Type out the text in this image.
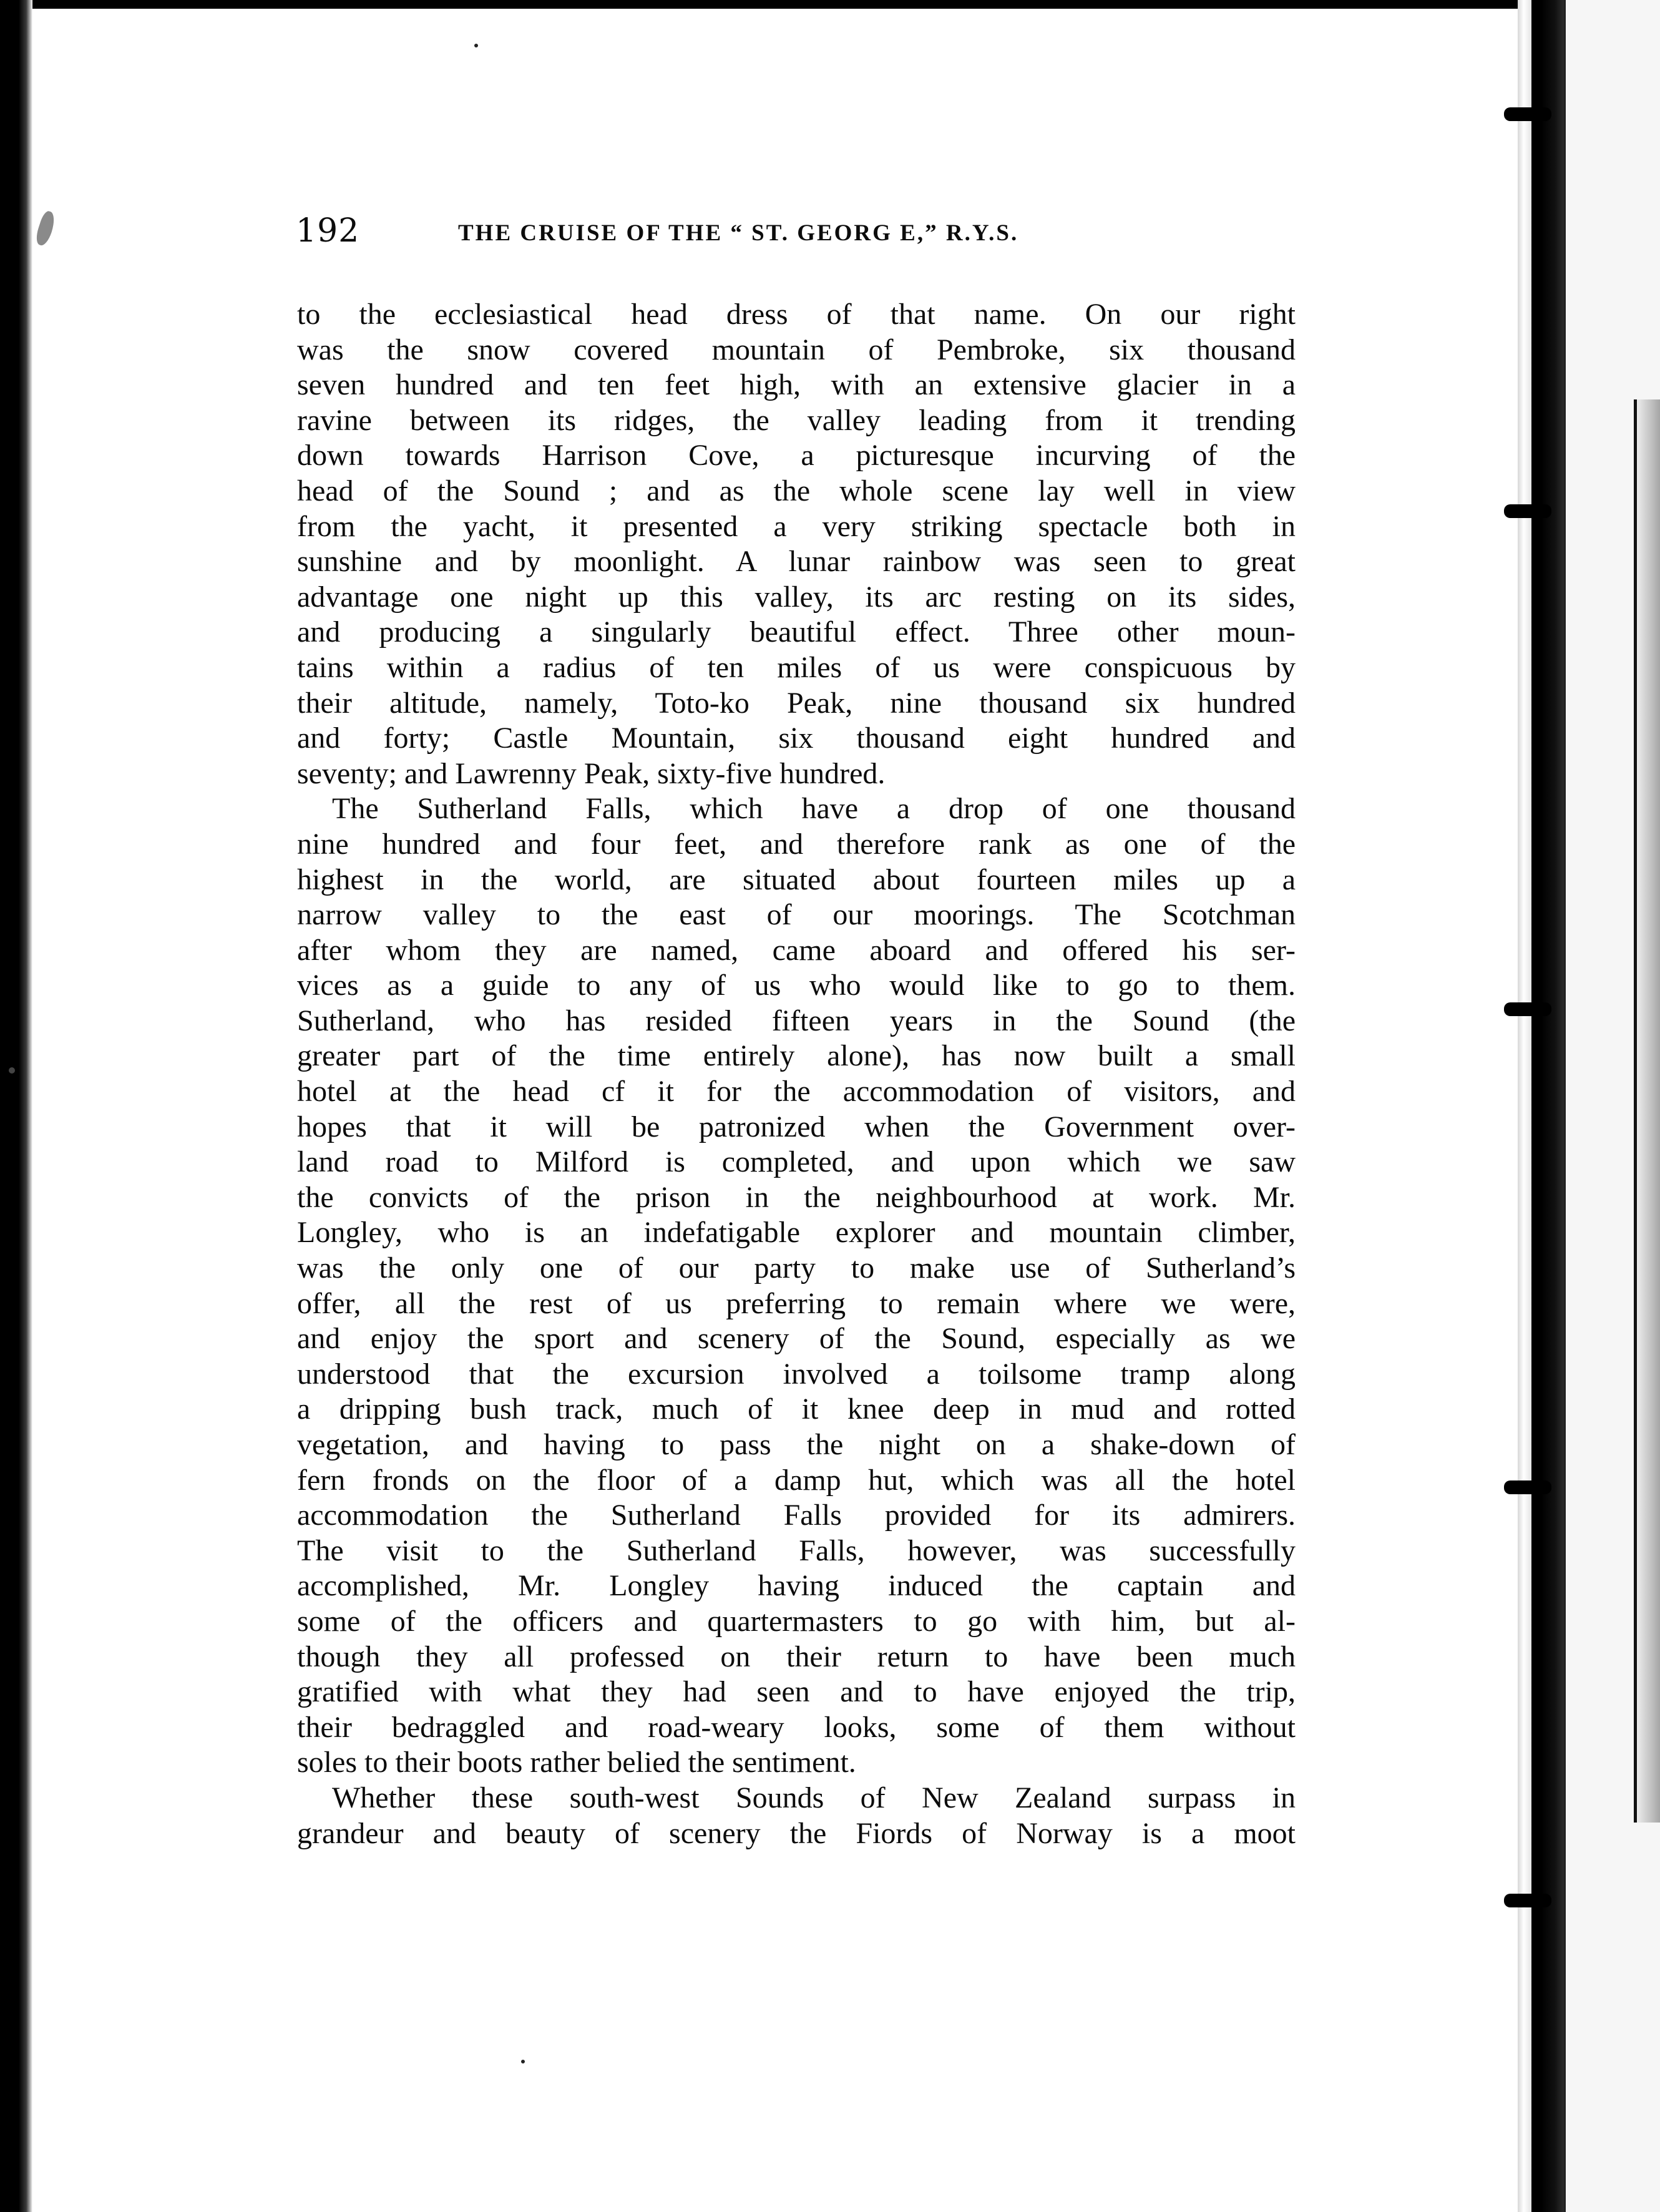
192	THE CRUISE OF THE “ ST. GEORG E,” R.Y.S.
to the ecclesiastical head dress of that name. On our right
was the snow covered mountain of Pembroke, six thousand
seven hundred and ten feet high, with an extensive glacier in a
ravine between its ridges, the valley leading from it trending
down towards Harrison Cove, a picturesque incurving of the
head of the Sound ; and as the whole scene lay well in view
from the yacht, it presented a very striking spectacle both in
sunshine and by moonlight. A lunar rainbow was seen to great
advantage one night up this valley, its arc resting on its sides,
and producing a singularly beautiful effect. Three other moun-
tains within a radius of ten miles of us were conspicuous by
their altitude, namely, Toto-ko Peak, nine thousand six hundred
and forty; Castle Mountain, six thousand eight hundred and
seventy; and Lawrenny Peak, sixty-five hundred.
The Sutherland Falls, which have a drop of one thousand
nine hundred and four feet, and therefore rank as one of the
highest in the world, are situated about fourteen miles up a
narrow valley to the east of our moorings. The Scotchman
after whom they are named, came aboard and offered his ser-
vices as a guide to any of us who would like to go to them.
Sutherland, who has resided fifteen years in the Sound (the
greater part of the time entirely alone), has now built a small
hotel at the head cf it for the accommodation of visitors, and
hopes that it will be patronized when the Government over-
land road to Milford is completed, and upon which we saw
the convicts of the prison in the neighbourhood at work. Mr.
Longley, who is an indefatigable explorer and mountain climber,
was the only one of our party to make use of Sutherland’s
offer, all the rest of us preferring to remain where we were,
and enjoy the sport and scenery of the Sound, especially as we
understood that the excursion involved a toilsome tramp along
a dripping bush track, much of it knee deep in mud and rotted
vegetation, and having to pass the night on a shake-down of
fern fronds on the floor of a damp hut, which was all the hotel
accommodation the Sutherland Falls provided for its admirers.
The visit to the Sutherland Falls, however, was successfully
accomplished, Mr. Longley having induced the captain and
some of the officers and quartermasters to go with him, but al-
though they all professed on their return to have been much
gratified with what they had seen and to have enjoyed the trip,
their bedraggled and road-weary looks, some of them without
soles to their boots rather belied the sentiment.
Whether these south-west Sounds of New Zealand surpass in
grandeur and beauty of scenery the Fiords of Norway is a moot
